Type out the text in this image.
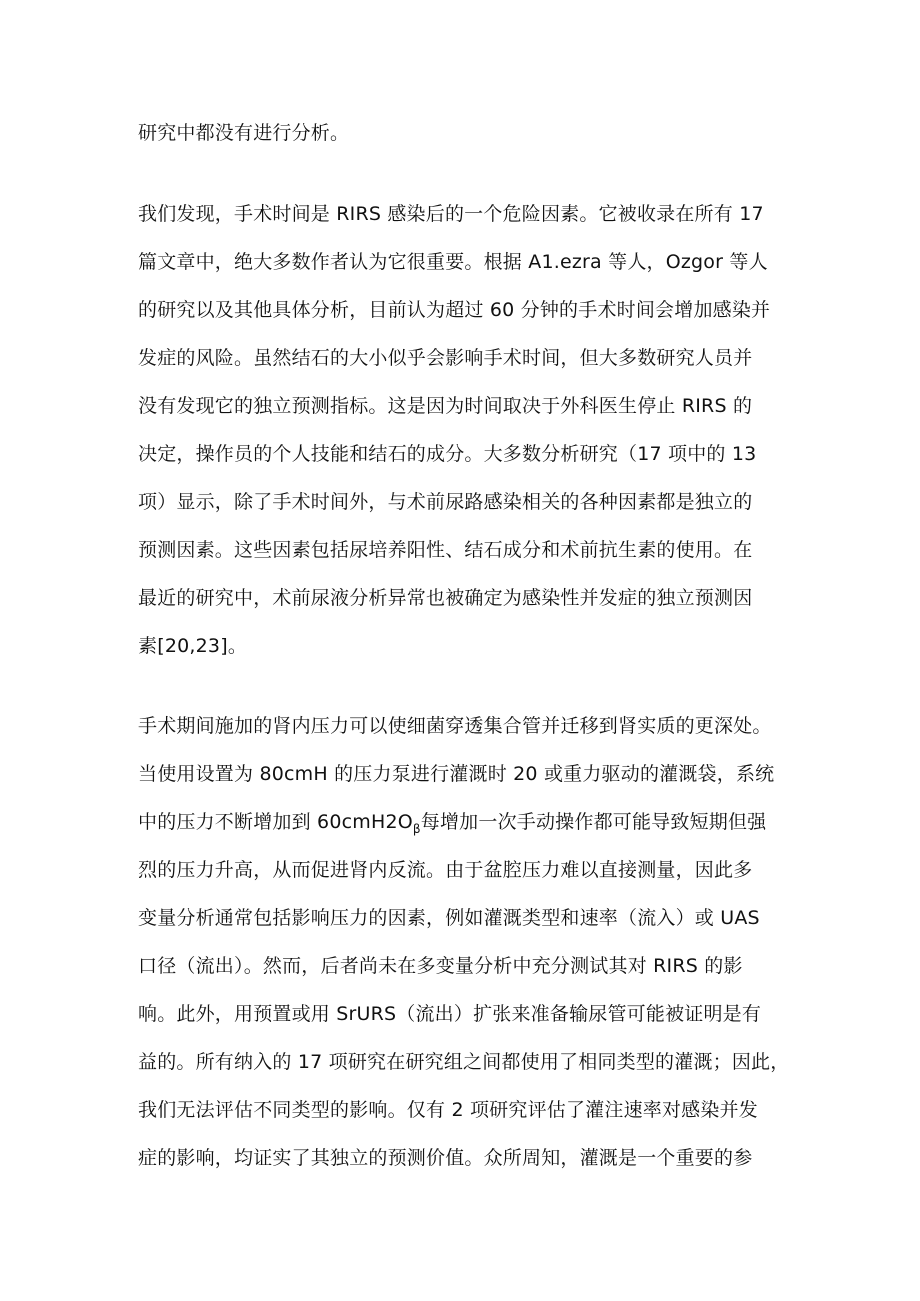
研究中都没有进行分析。
我们发现，手术时间是 RIRS 感染后的一个危险因素。它被收录在所有 17
篇文章中，绝大多数作者认为它很重要。根据 A1.ezra 等人，Ozgor 等人
的研究以及其他具体分析，目前认为超过 60 分钟的手术时间会增加感染并
发症的风险。虽然结石的大小似乎会影响手术时间，但大多数研究人员并
没有发现它的独立预测指标。这是因为时间取决于外科医生停止 RIRS 的
决定，操作员的个人技能和结石的成分。大多数分析研究（17 项中的 13
项）显示，除了手术时间外，与术前尿路感染相关的各种因素都是独立的
预测因素。这些因素包括尿培养阳性、结石成分和术前抗生素的使用。在
最近的研究中，术前尿液分析异常也被确定为感染性并发症的独立预测因
素[20,23]。
手术期间施加的肾内压力可以使细菌穿透集合管并迁移到肾实质的更深处。
当使用设置为 80cmH 的压力泵进行灌溉时 20 或重力驱动的灌溉袋，系统
中的压力不断增加到 $60cmH2O_\beta$每增加一次手动操作都可能导致短期但强
烈的压力升高，从而促进肾内反流。由于盆腔压力难以直接测量，因此多
变量分析通常包括影响压力的因素，例如灌溉类型和速率（流入）或 UAS
口径（流出）。然而，后者尚未在多变量分析中充分测试其对 RIRS 的影
响。此外，用预置或用 SrURS（流出）扩张来准备输尿管可能被证明是有
益的。所有纳入的 17 项研究在研究组之间都使用了相同类型的灌溉；因此，
我们无法评估不同类型的影响。仅有 2 项研究评估了灌注速率对感染并发
症的影响，均证实了其独立的预测价值。众所周知，灌溉是一个重要的参
